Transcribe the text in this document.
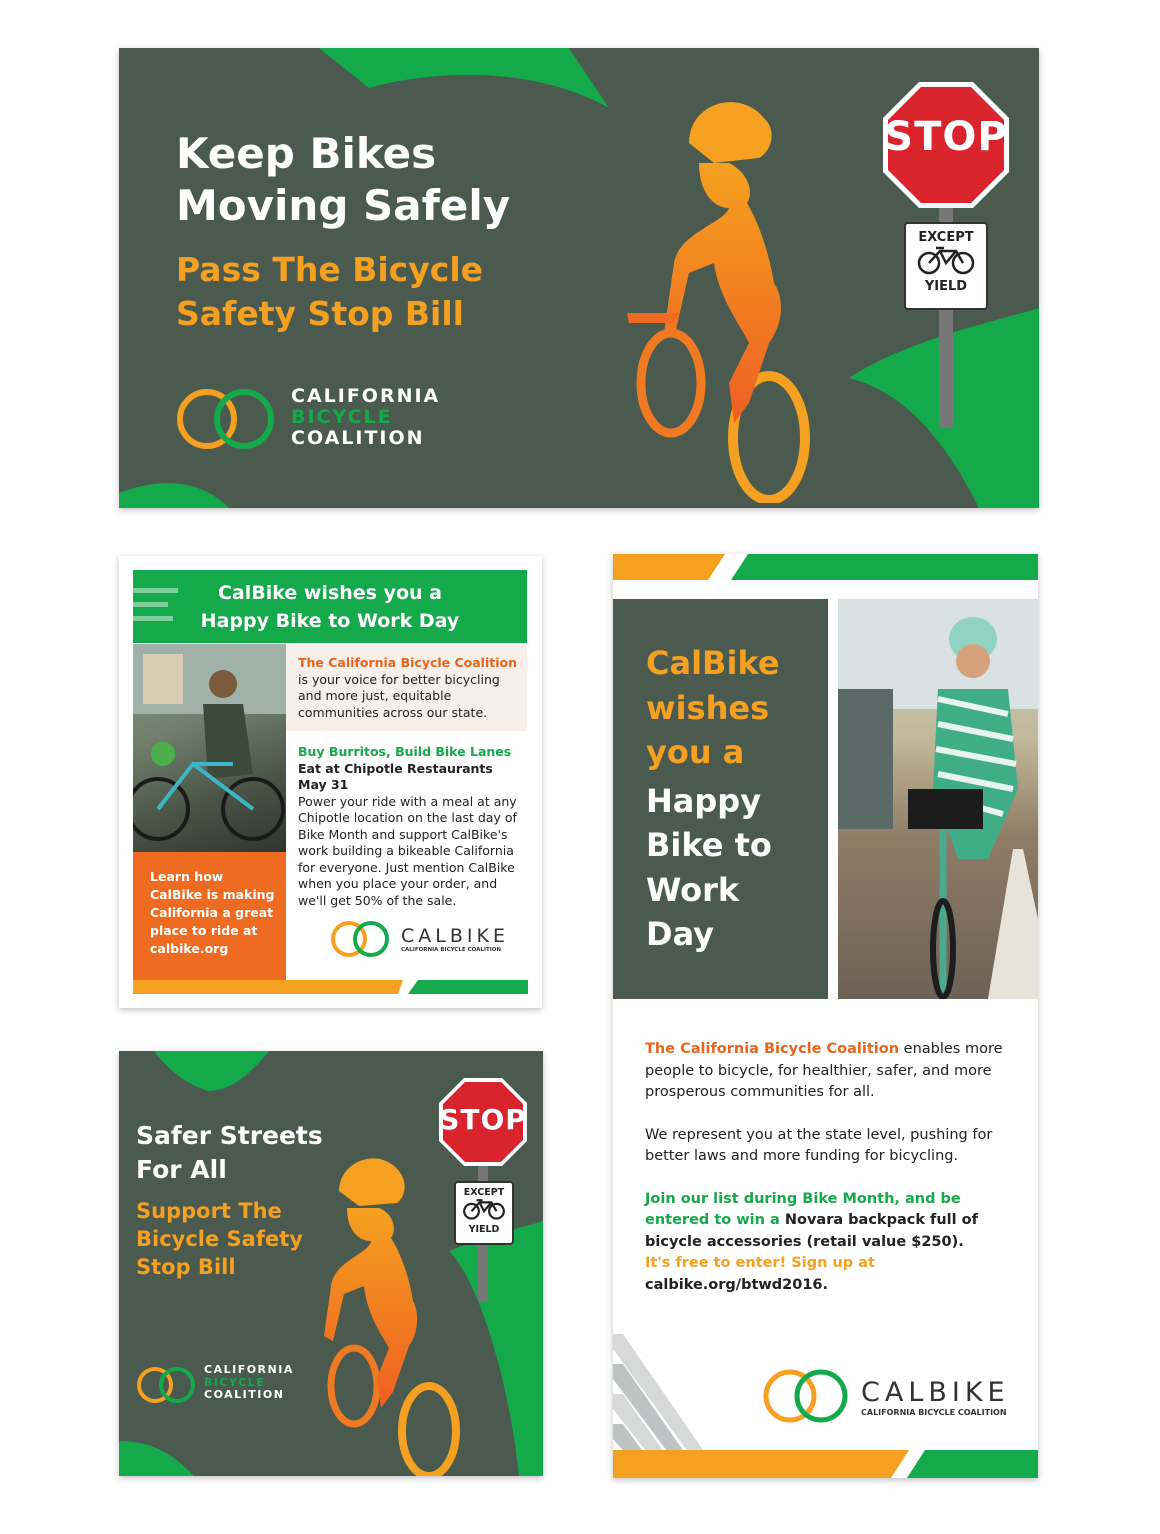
Keep Bikes
Moving Safely
Pass The Bicycle
Safety Stop Bill
CALIFORNIA
BICYCLE
COALITION
STOP
EXCEPT
YIELD
CalBike wishes you a
Happy Bike to Work Day
Learn how
CalBike is making
California a great
place to ride at
calbike.org
The California Bicycle Coalition is your voice for better bicycling and more just, equitable communities across our state.
Buy Burritos, Build Bike Lanes
Eat at Chipotle Restaurants May 31
Power your ride with a meal at any Chipotle location on the last day of Bike Month and support CalBike's work building a bikeable California for everyone. Just mention CalBike when you place your order, and we'll get 50% of the sale.
CALBIKE
CALIFORNIA BICYCLE COALITION
Safer Streets
For All
Support The
Bicycle Safety
Stop Bill
CALIFORNIA
BICYCLE
COALITION
STOP
EXCEPT
YIELD
CalBike
wishes
you a
Happy
Bike to
Work
Day
The California Bicycle Coalition enables more people to bicycle, for healthier, safer, and more prosperous communities for all.
We represent you at the state level, pushing for better laws and more funding for bicycling.
Join our list during Bike Month, and be entered to win a Novara backpack full of bicycle accessories (retail value $250).
It's free to enter! Sign up at
calbike.org/btwd2016.
CALBIKE
CALIFORNIA BICYCLE COALITION
